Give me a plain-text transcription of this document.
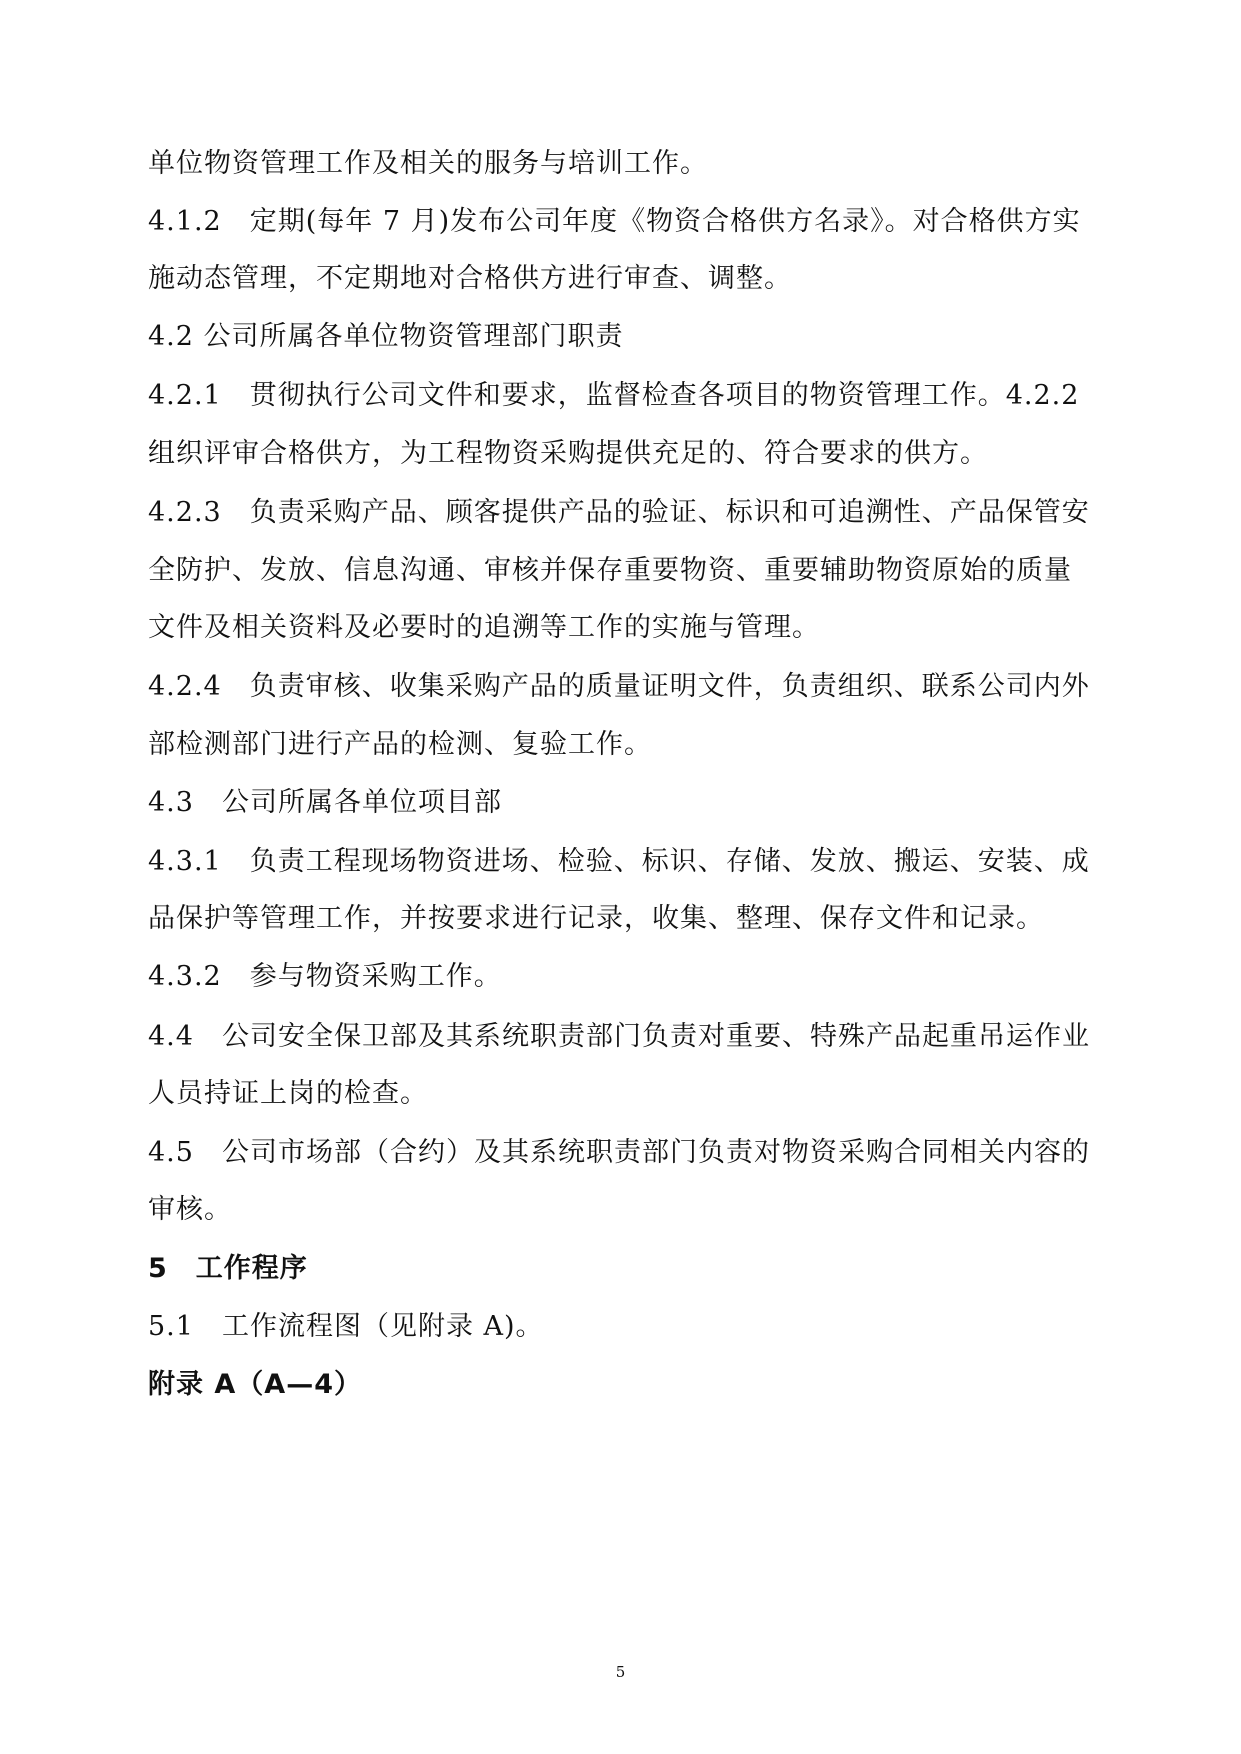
单位物资管理工作及相关的服务与培训工作。
4.1.2　定期(每年 7 月)发布公司年度《物资合格供方名录》。对合格供方实
施动态管理，不定期地对合格供方进行审查、调整。
4.2 公司所属各单位物资管理部门职责
4.2.1　贯彻执行公司文件和要求，监督检查各项目的物资管理工作。4.2.2
组织评审合格供方，为工程物资采购提供充足的、符合要求的供方。
4.2.3　负责采购产品、顾客提供产品的验证、标识和可追溯性、产品保管安
全防护、发放、信息沟通、审核并保存重要物资、重要辅助物资原始的质量
文件及相关资料及必要时的追溯等工作的实施与管理。
4.2.4　负责审核、收集采购产品的质量证明文件，负责组织、联系公司内外
部检测部门进行产品的检测、复验工作。
4.3　公司所属各单位项目部
4.3.1　负责工程现场物资进场、检验、标识、存储、发放、搬运、安装、成
品保护等管理工作，并按要求进行记录，收集、整理、保存文件和记录。
4.3.2　参与物资采购工作。
4.4　公司安全保卫部及其系统职责部门负责对重要、特殊产品起重吊运作业
人员持证上岗的检查。
4.5　公司市场部（合约）及其系统职责部门负责对物资采购合同相关内容的
审核。
5　工作程序
5.1　工作流程图（见附录 A)。
附录 A（A—4）
5
